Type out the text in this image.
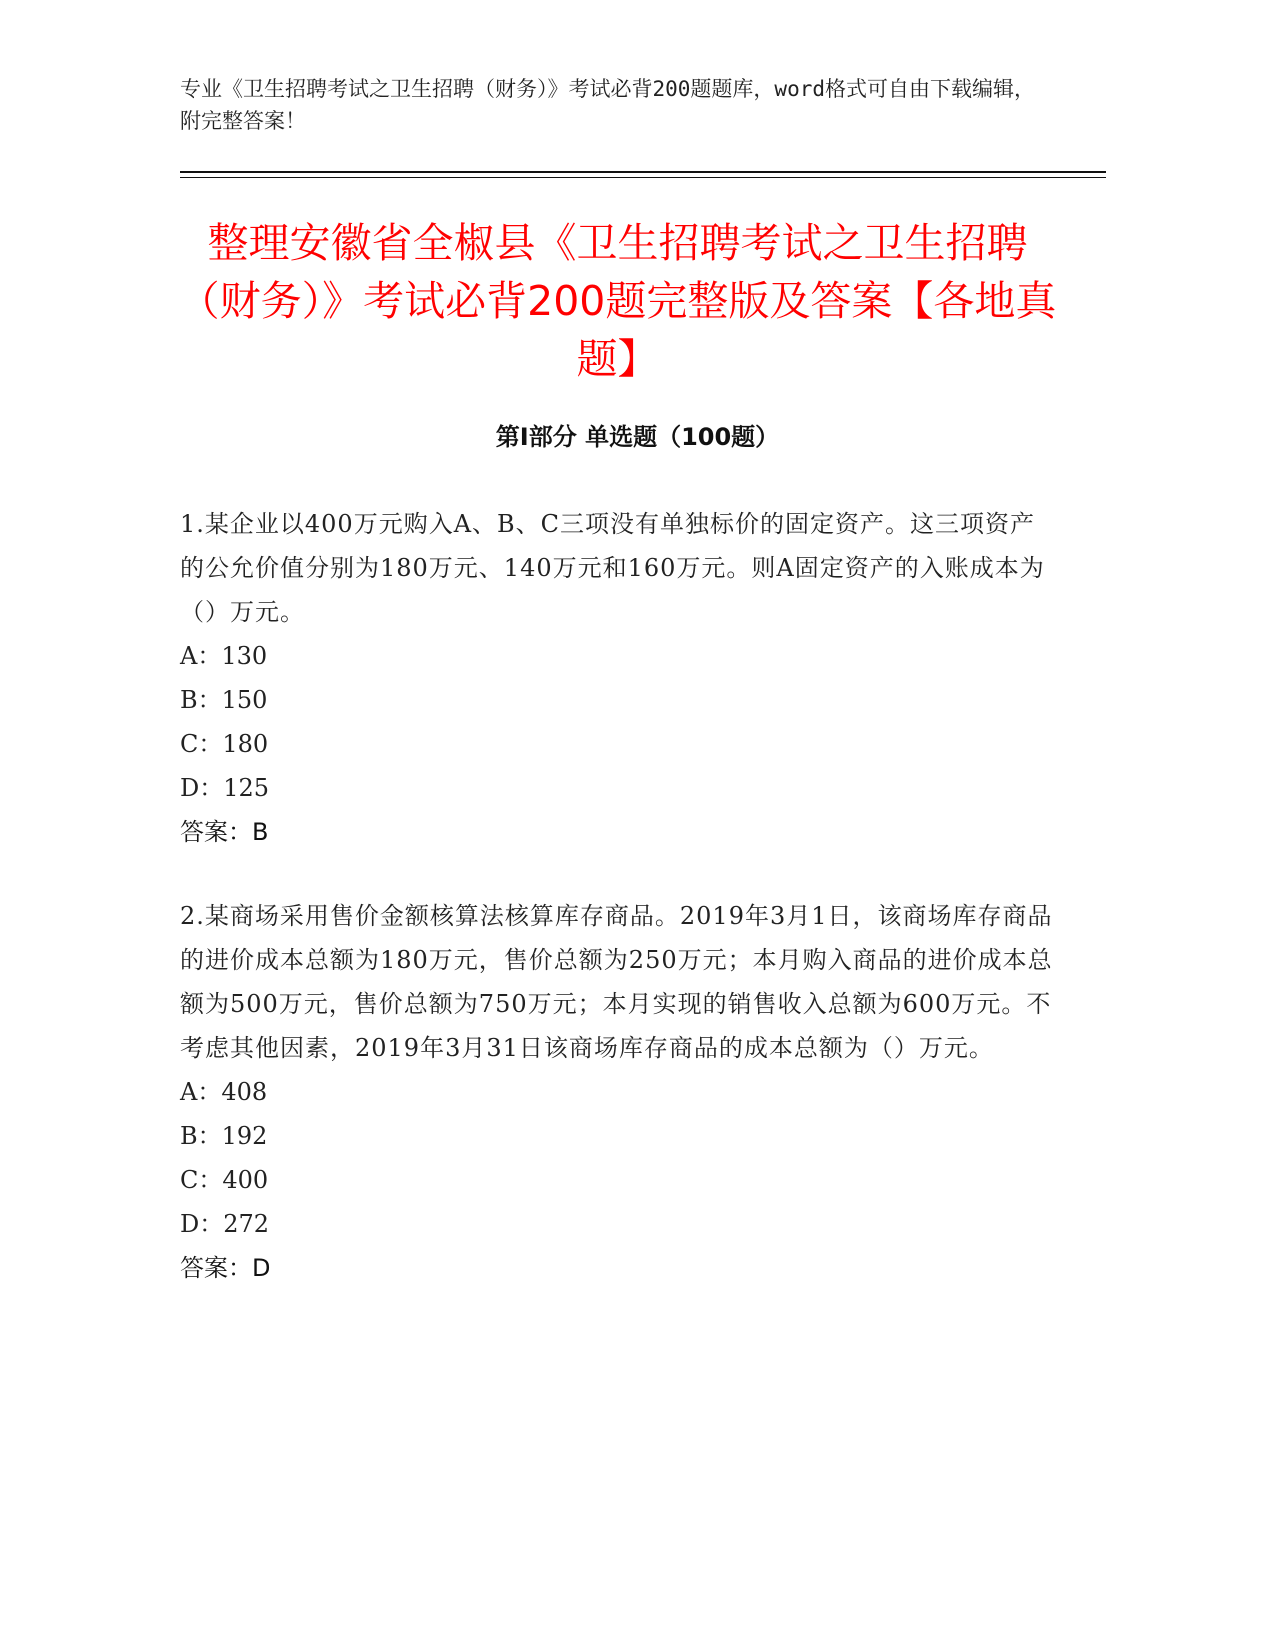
专业《卫生招聘考试之卫生招聘（财务）》考试必背200题题库，word格式可自由下载编辑，附完整答案！
整理安徽省全椒县《卫生招聘考试之卫生招聘（财务）》考试必背200题完整版及答案【各地真题】
第Ⅰ部分 单选题（100题）

1.某企业以400万元购入A、B、C三项没有单独标价的固定资产。这三项资产的公允价值分别为180万元、140万元和160万元。则A固定资产的入账成本为（）万元。

A：130

B：150

C：180

D：125

答案：B

2.某商场采用售价金额核算法核算库存商品。2019年3月1日，该商场库存商品的进价成本总额为180万元，售价总额为250万元；本月购入商品的进价成本总额为500万元，售价总额为750万元；本月实现的销售收入总额为600万元。不考虑其他因素，2019年3月31日该商场库存商品的成本总额为（）万元。

A：408

B：192

C：400

D：272

答案：D
